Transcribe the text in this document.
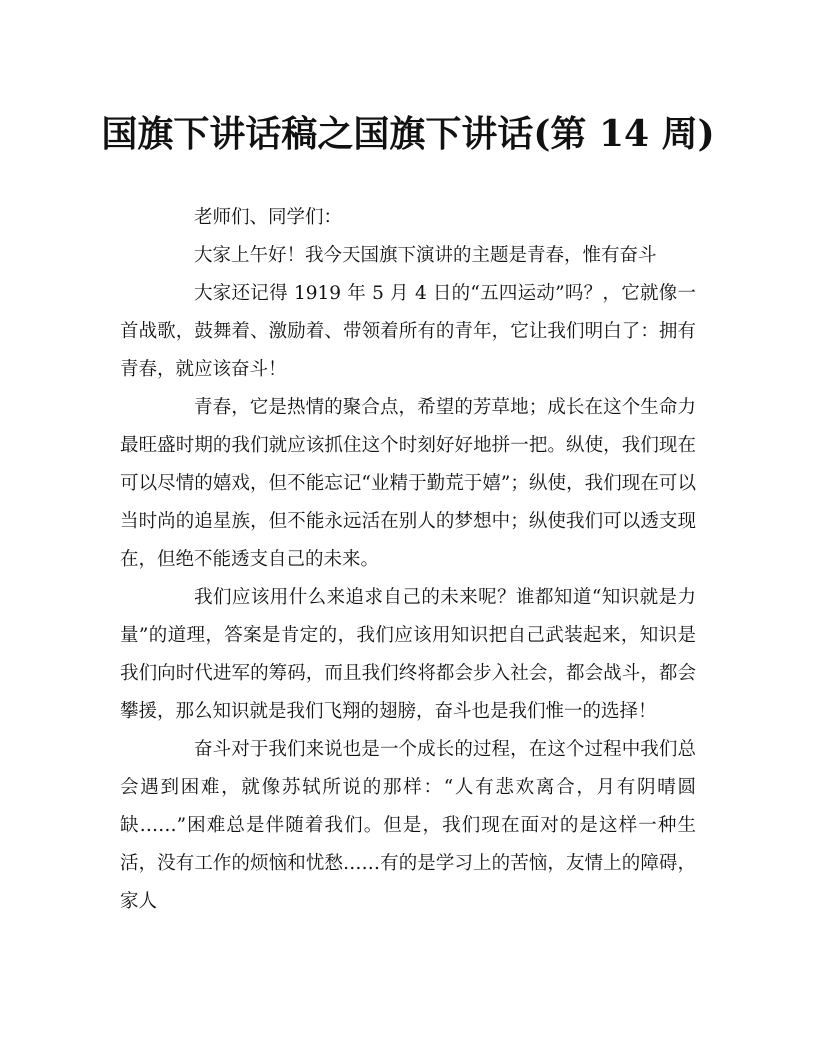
国旗下讲话稿之国旗下讲话(第 14 周)

老师们、同学们：

大家上午好！我今天国旗下演讲的主题是青春，惟有奋斗

大家还记得 1919 年 5 月 4 日的“五四运动”吗？，它就像一首战歌，鼓舞着、激励着、带领着所有的青年，它让我们明白了：拥有青春，就应该奋斗！

青春，它是热情的聚合点，希望的芳草地；成长在这个生命力最旺盛时期的我们就应该抓住这个时刻好好地拼一把。纵使，我们现在可以尽情的嬉戏，但不能忘记“业精于勤荒于嬉”；纵使，我们现在可以当时尚的追星族，但不能永远活在别人的梦想中；纵使我们可以透支现在，但绝不能透支自己的未来。

我们应该用什么来追求自己的未来呢？谁都知道“知识就是力量”的道理，答案是肯定的，我们应该用知识把自己武装起来，知识是我们向时代进军的筹码，而且我们终将都会步入社会，都会战斗，都会攀援，那么知识就是我们飞翔的翅膀，奋斗也是我们惟一的选择！

奋斗对于我们来说也是一个成长的过程，在这个过程中我们总会遇到困难，就像苏轼所说的那样：“人有悲欢离合，月有阴晴圆缺……”困难总是伴随着我们。但是，我们现在面对的是这样一种生活，没有工作的烦恼和忧愁……有的是学习上的苦恼，友情上的障碍，家人
